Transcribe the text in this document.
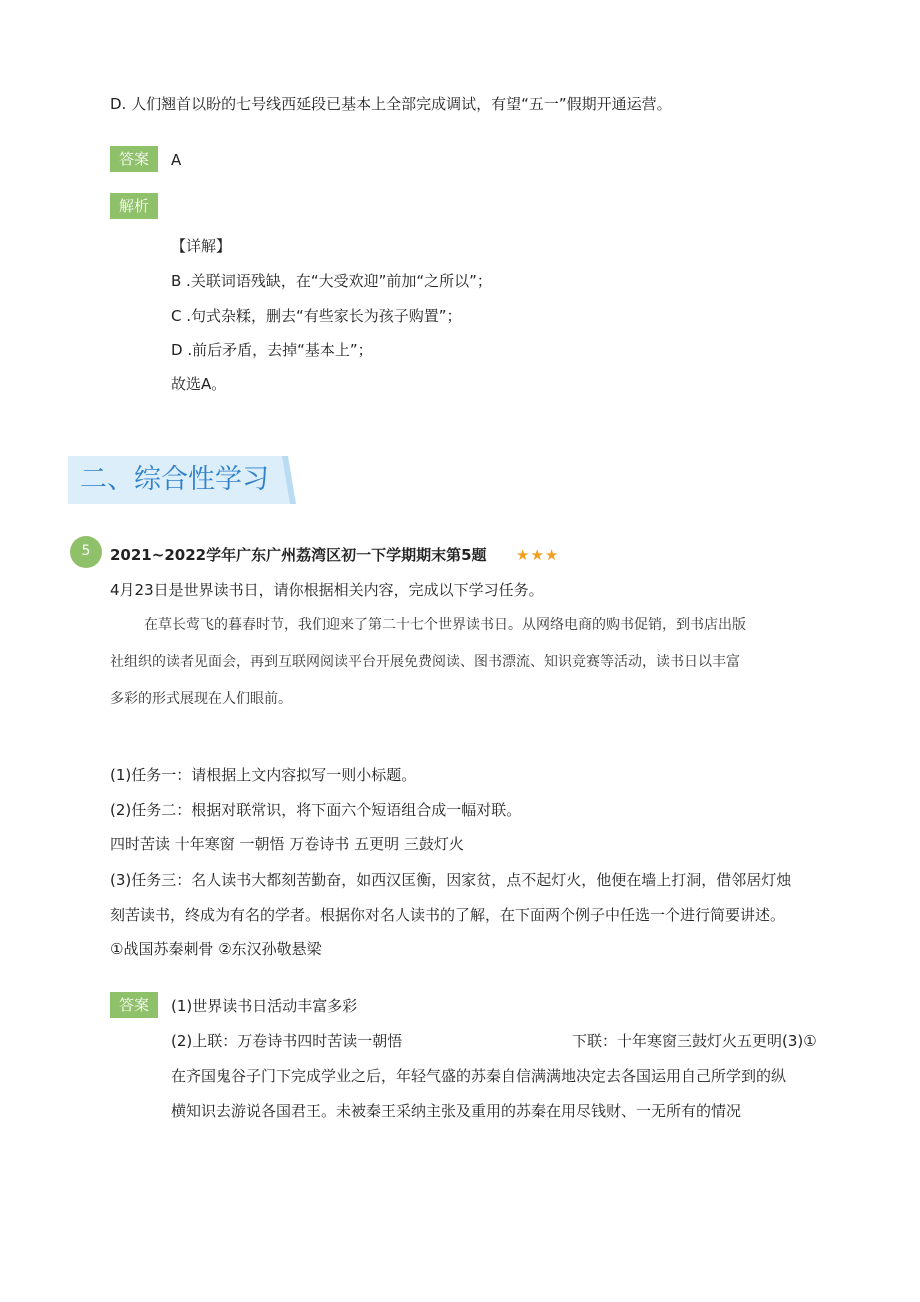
D. 人们翘首以盼的七号线西延段已基本上全部完成调试，有望“五一”假期开通运营。
答案	A
解析
【详解】
B .关联词语残缺，在“大受欢迎”前加“之所以”；
C .句式杂糅，删去“有些家长为孩子购置”；
D .前后矛盾，去掉“基本上”；
故选A。
二、综合性学习
5	2021~2022学年广东广州荔湾区初一下学期期末第5题 ★★★
4月23日是世界读书日，请你根据相关内容，完成以下学习任务。
在草长莺飞的暮春时节，我们迎来了第二十七个世界读书日。从网络电商的购书促销，到书店出版
社组织的读者见面会，再到互联网阅读平台开展免费阅读、图书漂流、知识竞赛等活动，读书日以丰富
多彩的形式展现在人们眼前。
(1)任务一：请根据上文内容拟写一则小标题。
(2)任务二：根据对联常识，将下面六个短语组合成一幅对联。
四时苦读 十年寒窗 一朝悟 万卷诗书 五更明 三鼓灯火
(3)任务三：名人读书大都刻苦勤奋，如西汉匡衡，因家贫，点不起灯火，他便在墙上打洞，借邻居灯烛
刻苦读书，终成为有名的学者。根据你对名人读书的了解，在下面两个例子中任选一个进行简要讲述。
①战国苏秦刺骨 ②东汉孙敬悬梁
答案	(1)世界读书日活动丰富多彩
(2)上联：万卷诗书四时苦读一朝悟	下联：十年寒窗三鼓灯火五更明(3)①
在齐国鬼谷子门下完成学业之后，年轻气盛的苏秦自信满满地决定去各国运用自己所学到的纵
横知识去游说各国君王。未被秦王采纳主张及重用的苏秦在用尽钱财、一无所有的情况
